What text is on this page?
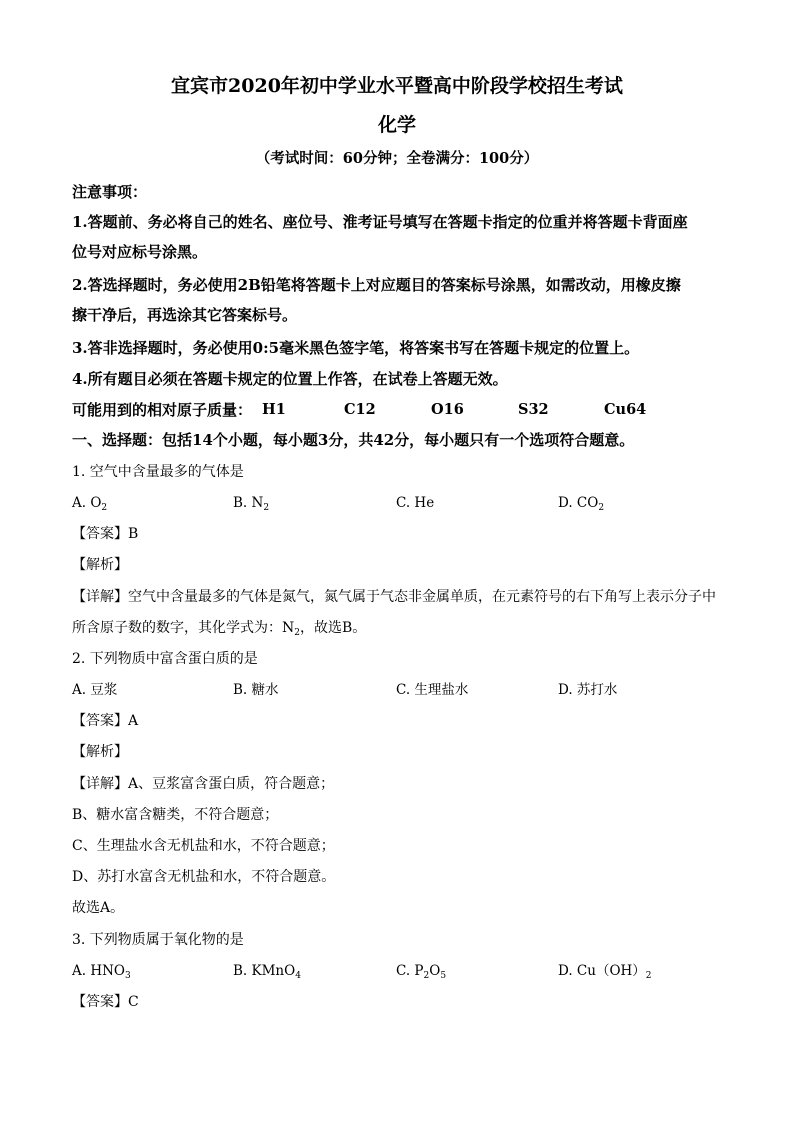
宜宾市2020年初中学业水平暨高中阶段学校招生考试
化学
（考试时间：60分钟；全卷满分：100分）
注意事项：
1.答题前、务必将自己的姓名、座位号、淮考证号填写在答题卡指定的位重并将答题卡背面座
位号对应标号涂黑。
2.答选择题时，务必使用2B铅笔将答题卡上对应题目的答案标号涂黑，如需改动，用橡皮擦
擦干净后，再选涂其它答案标号。
3.答非选择题时，务必使用0:5毫米黑色签字笔，将答案书写在答题卡规定的位置上。
4.所有题目必须在答题卡规定的位置上作答，在试卷上答题无效。
可能用到的相对原子质量： H1	C12	O16	S32	Cu64
一、选择题：包括14个小题，每小题3分，共42分，每小题只有一个选项符合题意。
1. 空气中含量最多的气体是
A. $O_2$	B. $N_2$	C. He	D. $CO_2$
【答案】B
【解析】
【详解】空气中含量最多的气体是氮气，氮气属于气态非金属单质，在元素符号的右下角写上表示分子中
所含原子数的数字，其化学式为：$N_2$，故选B。
2. 下列物质中富含蛋白质的是
A. 豆浆	B. 糖水	C. 生理盐水	D. 苏打水
【答案】A
【解析】
【详解】A、豆浆富含蛋白质，符合题意；
B、糖水富含糖类，不符合题意；
C、生理盐水含无机盐和水，不符合题意；
D、苏打水富含无机盐和水，不符合题意。
故选A。
3. 下列物质属于氧化物的是
A. $HNO_3$	B. KMnO$_4$	C. $P_2O_5$	D. $Cu(OH)_2$
【答案】C
